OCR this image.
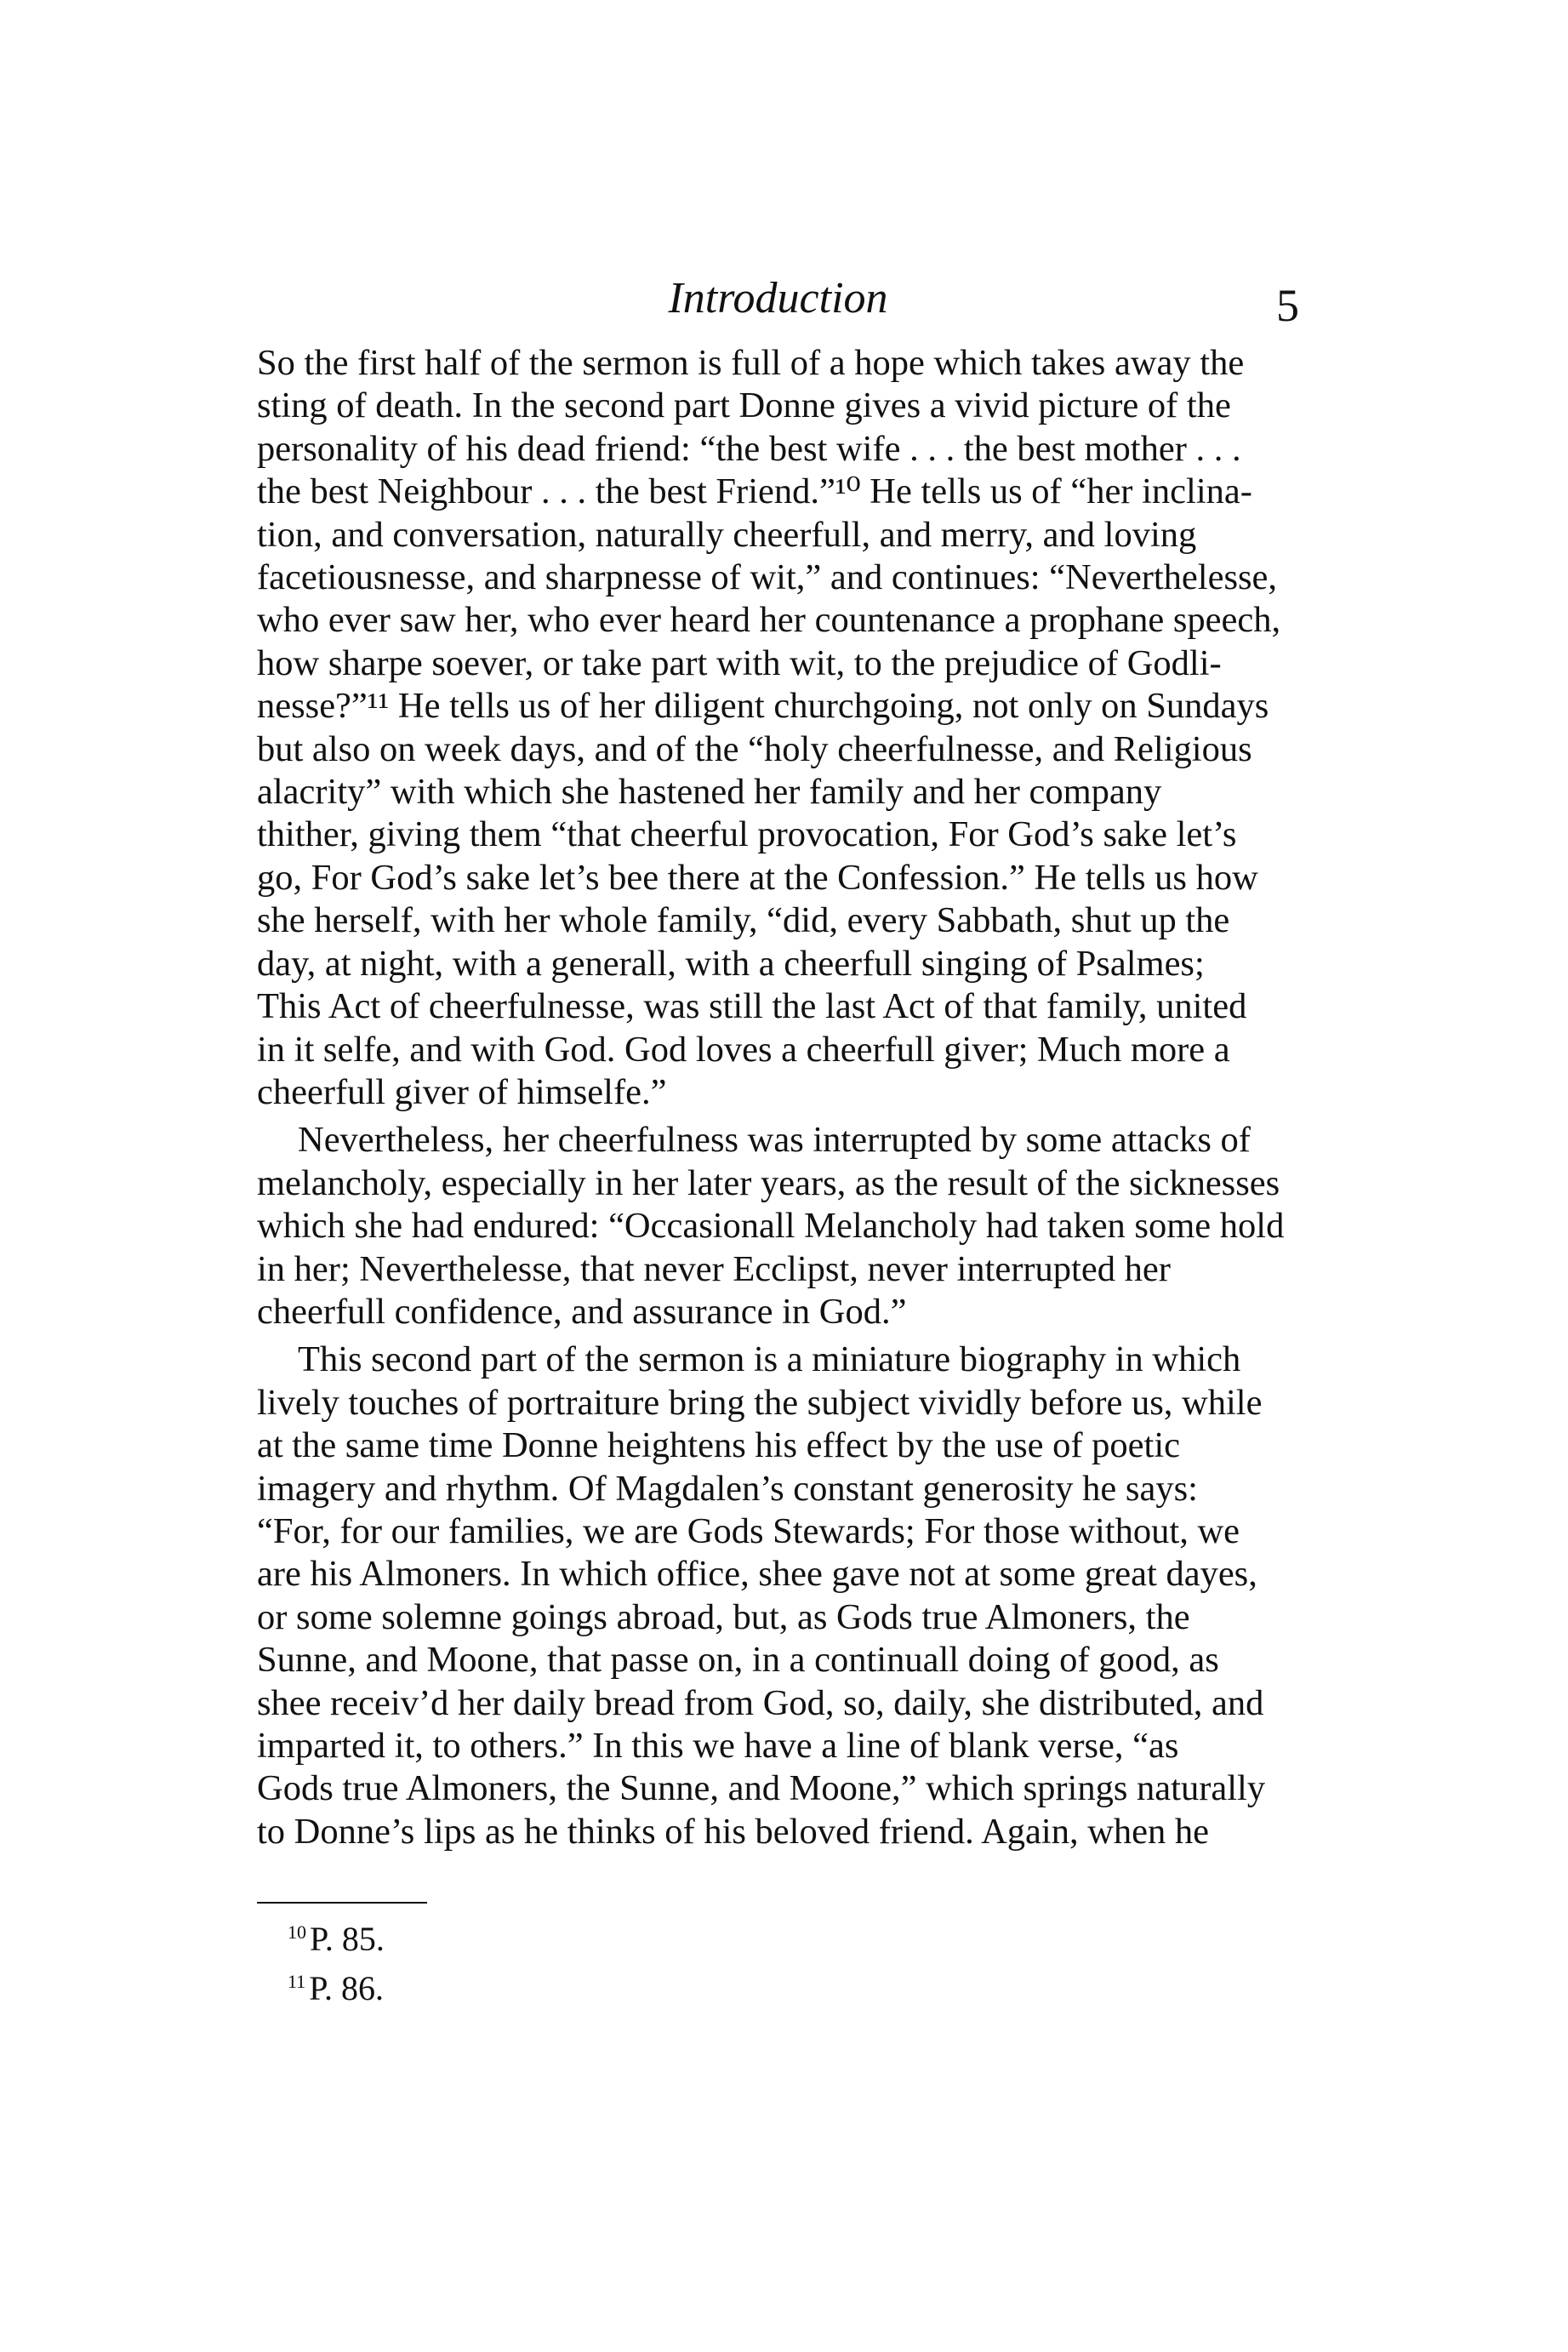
Introduction	5

So the first half of the sermon is full of a hope which takes away the

sting of death. In the second part Donne gives a vivid picture of the

personality of his dead friend: “the best wife . . . the best mother . . .

the best Neighbour . . . the best Friend.”¹⁰ He tells us of “her inclina-

tion, and conversation, naturally cheerfull, and merry, and loving

facetiousnesse, and sharpnesse of wit,” and continues: “Neverthelesse,

who ever saw her, who ever heard her countenance a prophane speech,

how sharpe soever, or take part with wit, to the prejudice of Godli-

nesse?”¹¹ He tells us of her diligent churchgoing, not only on Sundays

but also on week days, and of the “holy cheerfulnesse, and Religious

alacrity” with which she hastened her family and her company

thither, giving them “that cheerful provocation, For God’s sake let’s

go, For God’s sake let’s bee there at the Confession.” He tells us how

she herself, with her whole family, “did, every Sabbath, shut up the

day, at night, with a generall, with a cheerfull singing of Psalmes;

This Act of cheerfulnesse, was still the last Act of that family, united

in it selfe, and with God. God loves a cheerfull giver; Much more a

cheerfull giver of himselfe.”

Nevertheless, her cheerfulness was interrupted by some attacks of

melancholy, especially in her later years, as the result of the sicknesses

which she had endured: “Occasionall Melancholy had taken some hold

in her; Neverthelesse, that never Ecclipst, never interrupted her

cheerfull confidence, and assurance in God.”

This second part of the sermon is a miniature biography in which

lively touches of portraiture bring the subject vividly before us, while

at the same time Donne heightens his effect by the use of poetic

imagery and rhythm. Of Magdalen’s constant generosity he says:

“For, for our families, we are Gods Stewards; For those without, we

are his Almoners. In which office, shee gave not at some great dayes,

or some solemne goings abroad, but, as Gods true Almoners, the

Sunne, and Moone, that passe on, in a continuall doing of good, as

shee receiv’d her daily bread from God, so, daily, she distributed, and

imparted it, to others.” In this we have a line of blank verse, “as

Gods true Almoners, the Sunne, and Moone,” which springs naturally

to Donne’s lips as he thinks of his beloved friend. Again, when he

$^{10}$ P. 85.
$^{11}$ P. 86.
